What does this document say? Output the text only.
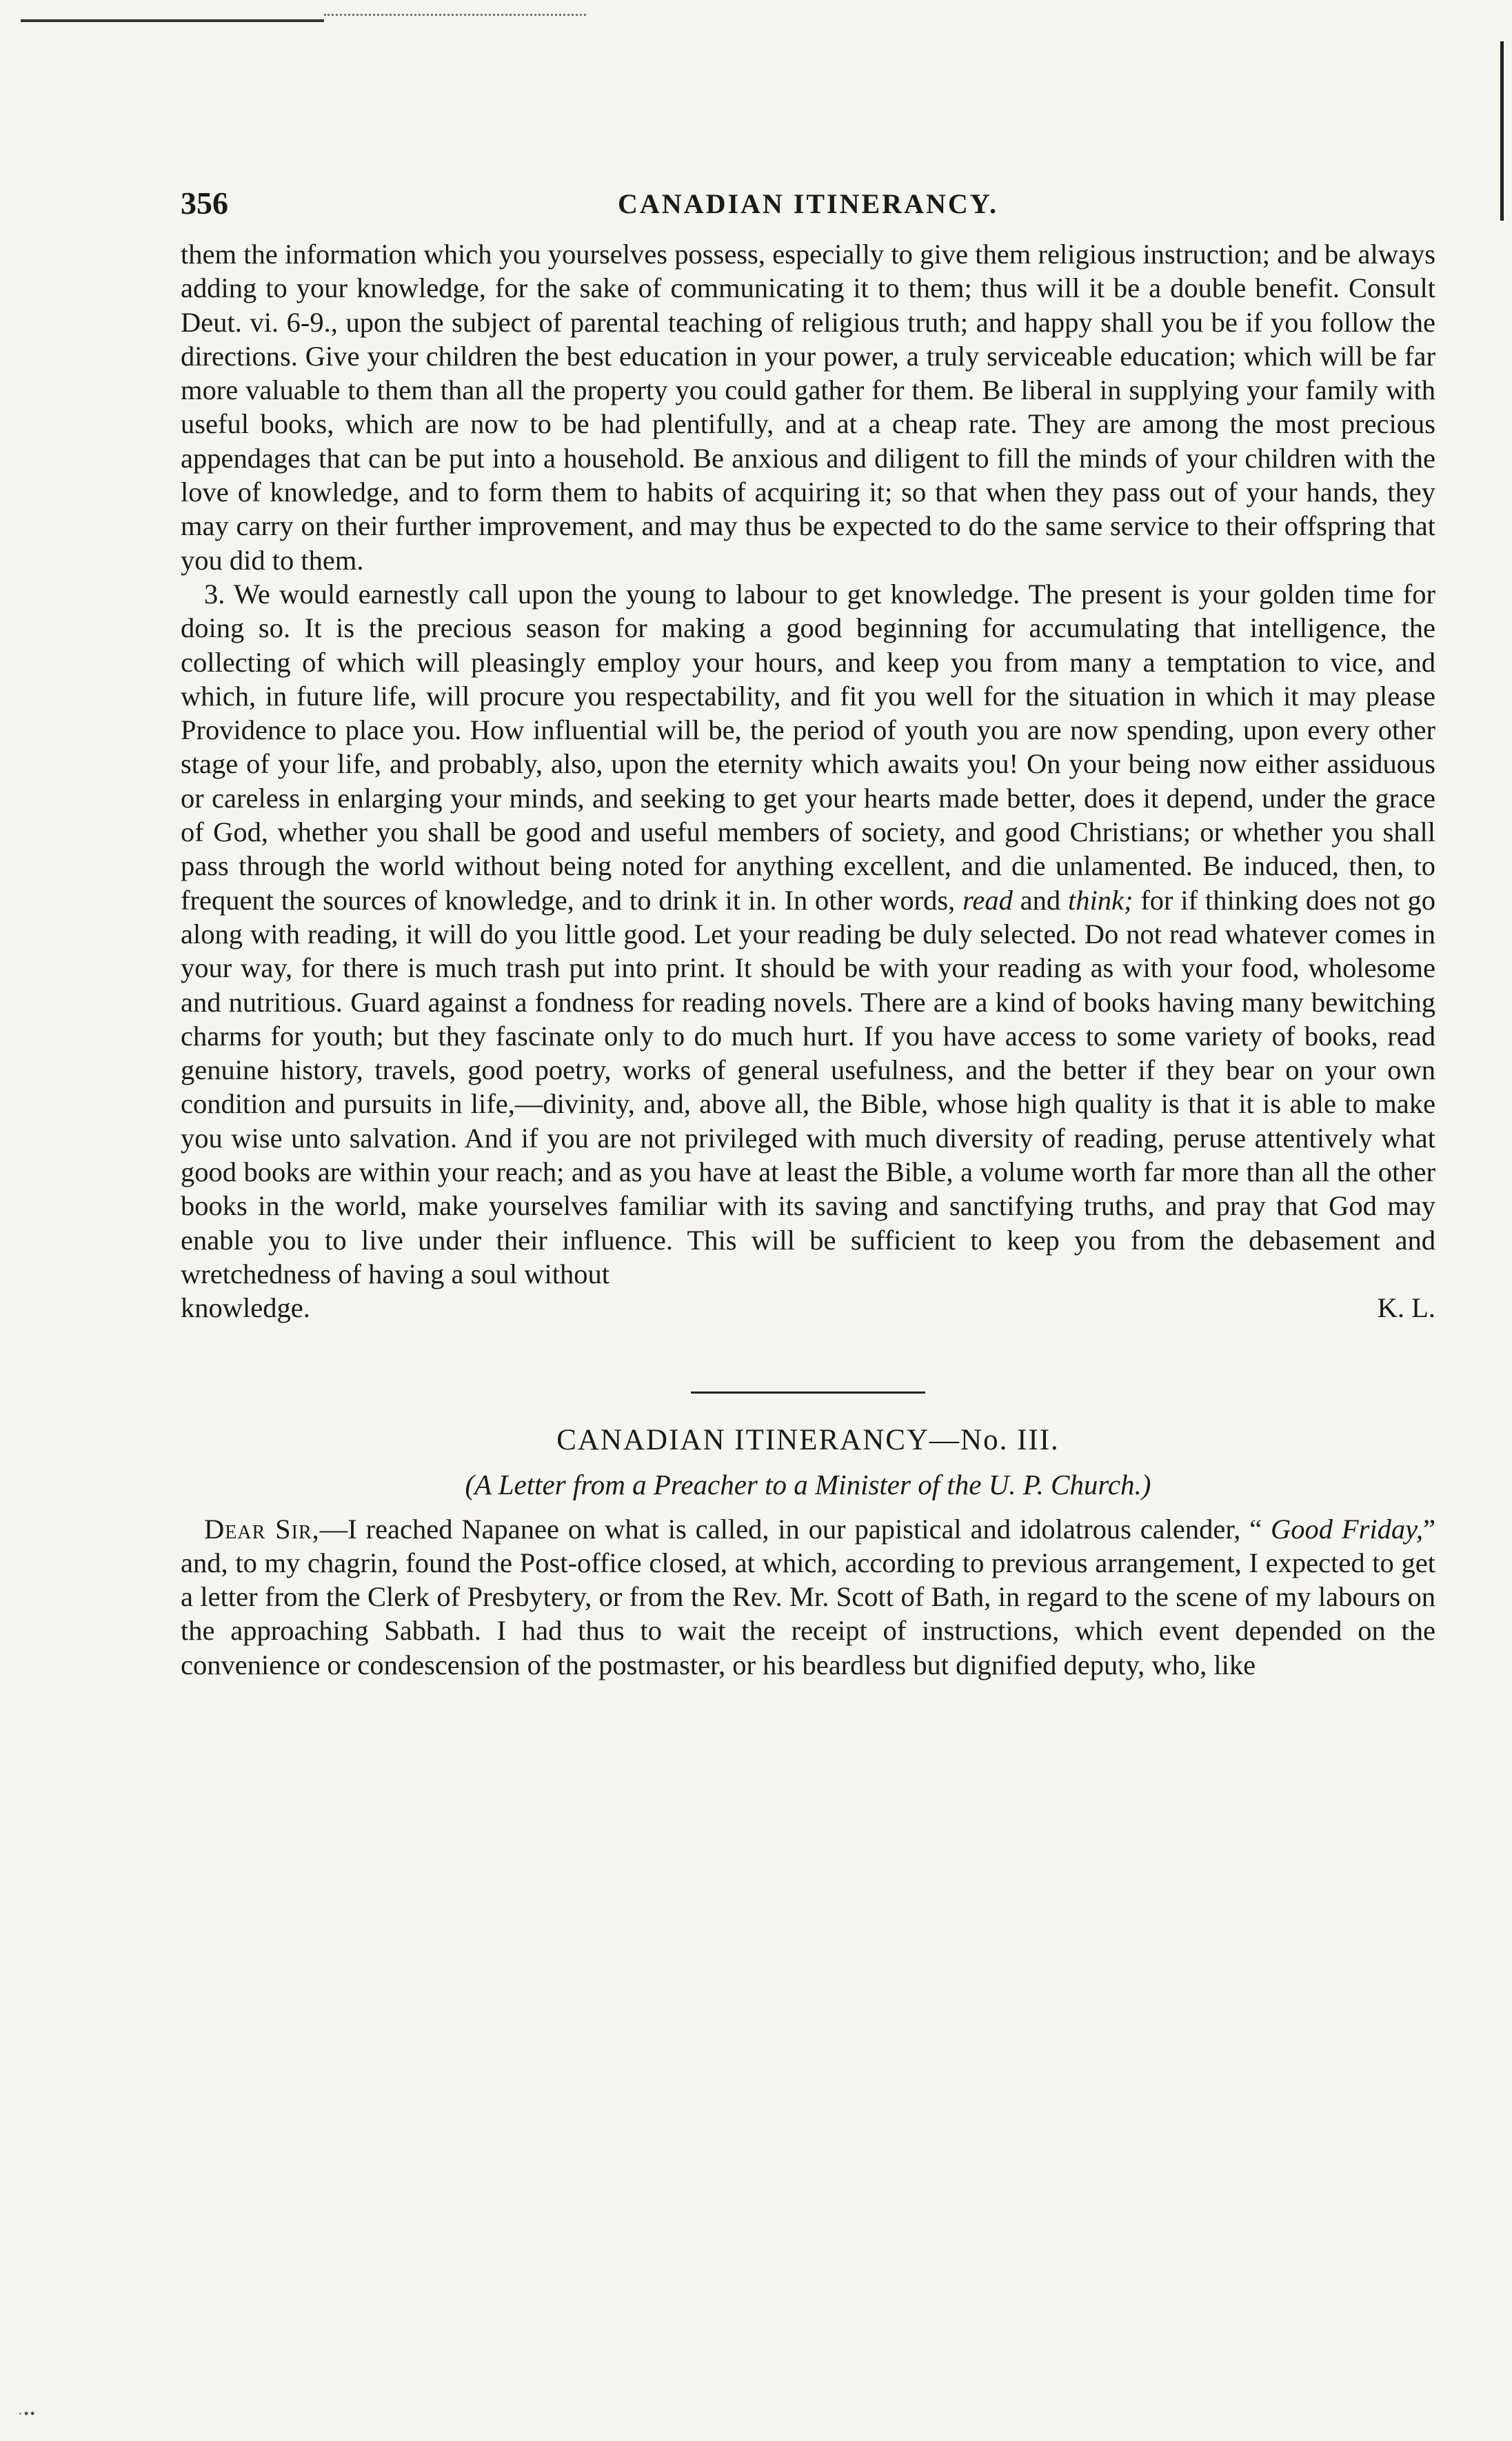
356	CANADIAN ITINERANCY.

them the information which you yourselves possess, especially to give them religious instruction; and be always adding to your knowledge, for the sake of communicating it to them; thus will it be a double benefit. Consult Deut. vi. 6-9., upon the subject of parental teaching of religious truth; and happy shall you be if you follow the directions. Give your children the best education in your power, a truly serviceable education; which will be far more valuable to them than all the property you could gather for them. Be liberal in supplying your family with useful books, which are now to be had plentifully, and at a cheap rate. They are among the most precious appendages that can be put into a household. Be anxious and diligent to fill the minds of your children with the love of knowledge, and to form them to habits of acquiring it; so that when they pass out of your hands, they may carry on their further improvement, and may thus be expected to do the same service to their offspring that you did to them.

3. We would earnestly call upon the young to labour to get knowledge. The present is your golden time for doing so. It is the precious season for making a good beginning for accumulating that intelligence, the collecting of which will pleasingly employ your hours, and keep you from many a temptation to vice, and which, in future life, will procure you respectability, and fit you well for the situation in which it may please Providence to place you. How influential will be, the period of youth you are now spending, upon every other stage of your life, and probably, also, upon the eternity which awaits you! On your being now either assiduous or careless in enlarging your minds, and seeking to get your hearts made better, does it depend, under the grace of God, whether you shall be good and useful members of society, and good Christians; or whether you shall pass through the world without being noted for anything excellent, and die unlamented. Be induced, then, to frequent the sources of knowledge, and to drink it in. In other words, read and think; for if thinking does not go along with reading, it will do you little good. Let your reading be duly selected. Do not read whatever comes in your way, for there is much trash put into print. It should be with your reading as with your food, wholesome and nutritious. Guard against a fondness for reading novels. There are a kind of books having many bewitching charms for youth; but they fascinate only to do much hurt. If you have access to some variety of books, read genuine history, travels, good poetry, works of general usefulness, and the better if they bear on your own condition and pursuits in life,—divinity, and, above all, the Bible, whose high quality is that it is able to make you wise unto salvation. And if you are not privileged with much diversity of reading, peruse attentively what good books are within your reach; and as you have at least the Bible, a volume worth far more than all the other books in the world, make yourselves familiar with its saving and sanctifying truths, and pray that God may enable you to live under their influence. This will be sufficient to keep you from the debasement and wretchedness of having a soul without

knowledge.	K. L.

CANADIAN ITINERANCY—No. III.

(A Letter from a Preacher to a Minister of the U. P. Church.)

Dear Sir,—I reached Napanee on what is called, in our papistical and idolatrous calender, “ Good Friday,” and, to my chagrin, found the Post-office closed, at which, according to previous arrangement, I expected to get a letter from the Clerk of Presbytery, or from the Rev. Mr. Scott of Bath, in regard to the scene of my labours on the approaching Sabbath. I had thus to wait the receipt of instructions, which event depended on the convenience or condescension of the postmaster, or his beardless but dignified deputy, who, like

·••
